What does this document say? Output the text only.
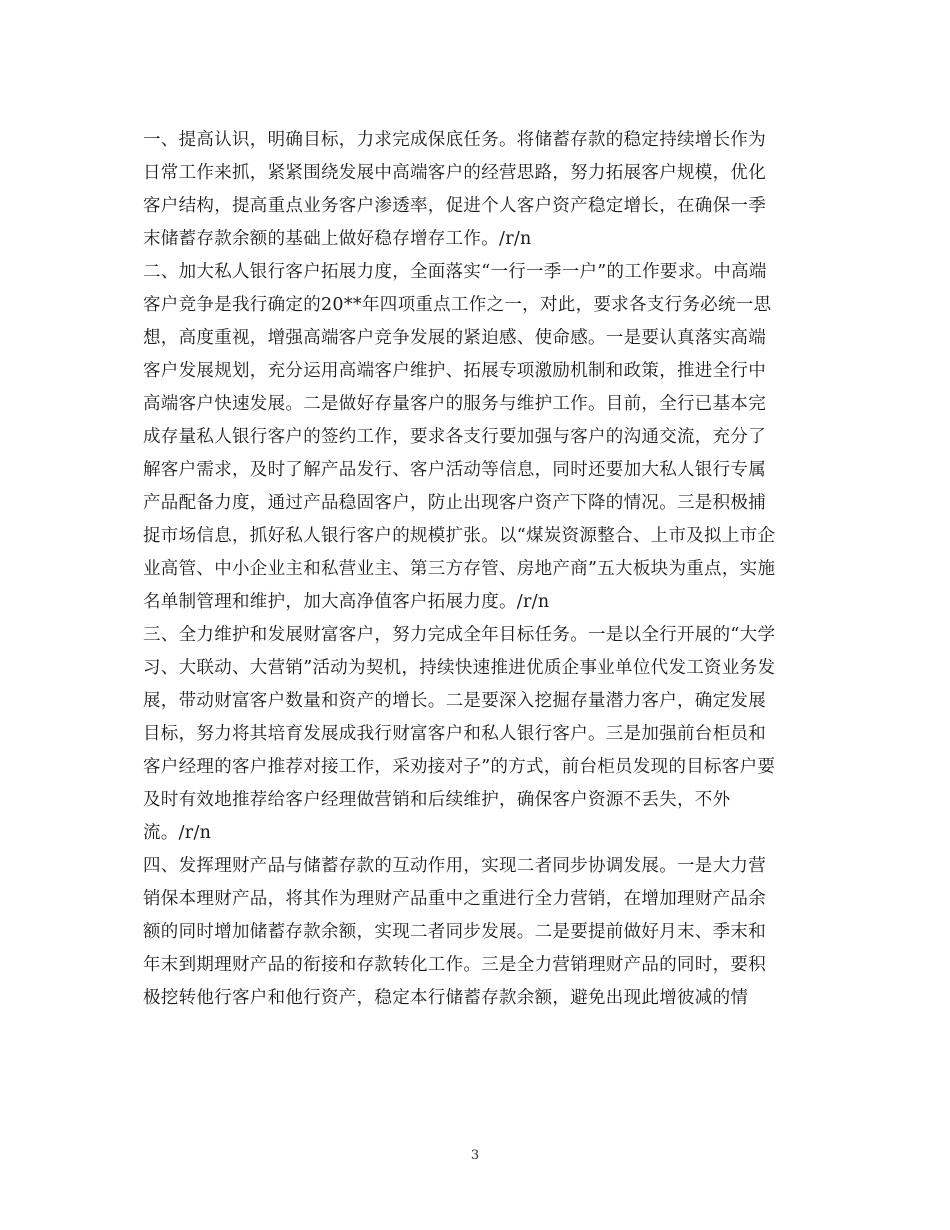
一、提高认识，明确目标，力求完成保底任务。将储蓄存款的稳定持续增长作为
日常工作来抓，紧紧围绕发展中高端客户的经营思路，努力拓展客户规模，优化
客户结构，提高重点业务客户渗透率，促进个人客户资产稳定增长，在确保一季
末储蓄存款余额的基础上做好稳存增存工作。/r/n
二、加大私人银行客户拓展力度，全面落实“一行一季一户”的工作要求。中高端
客户竞争是我行确定的20**年四项重点工作之一，对此，要求各支行务必统一思
想，高度重视，增强高端客户竞争发展的紧迫感、使命感。一是要认真落实高端
客户发展规划，充分运用高端客户维护、拓展专项激励机制和政策，推进全行中
高端客户快速发展。二是做好存量客户的服务与维护工作。目前，全行已基本完
成存量私人银行客户的签约工作，要求各支行要加强与客户的沟通交流，充分了
解客户需求，及时了解产品发行、客户活动等信息，同时还要加大私人银行专属
产品配备力度，通过产品稳固客户，防止出现客户资产下降的情况。三是积极捕
捉市场信息，抓好私人银行客户的规模扩张。以“煤炭资源整合、上市及拟上市企
业高管、中小企业主和私营业主、第三方存管、房地产商”五大板块为重点，实施
名单制管理和维护，加大高净值客户拓展力度。/r/n
三、全力维护和发展财富客户，努力完成全年目标任务。一是以全行开展的“大学
习、大联动、大营销”活动为契机，持续快速推进优质企事业单位代发工资业务发
展，带动财富客户数量和资产的增长。二是要深入挖掘存量潜力客户，确定发展
目标，努力将其培育发展成我行财富客户和私人银行客户。三是加强前台柜员和
客户经理的客户推荐对接工作，采劝接对子”的方式，前台柜员发现的目标客户要
及时有效地推荐给客户经理做营销和后续维护，确保客户资源不丢失，不外
流。/r/n
四、发挥理财产品与储蓄存款的互动作用，实现二者同步协调发展。一是大力营
销保本理财产品，将其作为理财产品重中之重进行全力营销，在增加理财产品余
额的同时增加储蓄存款余额，实现二者同步发展。二是要提前做好月末、季末和
年末到期理财产品的衔接和存款转化工作。三是全力营销理财产品的同时，要积
极挖转他行客户和他行资产，稳定本行储蓄存款余额，避免出现此增彼减的情
3
